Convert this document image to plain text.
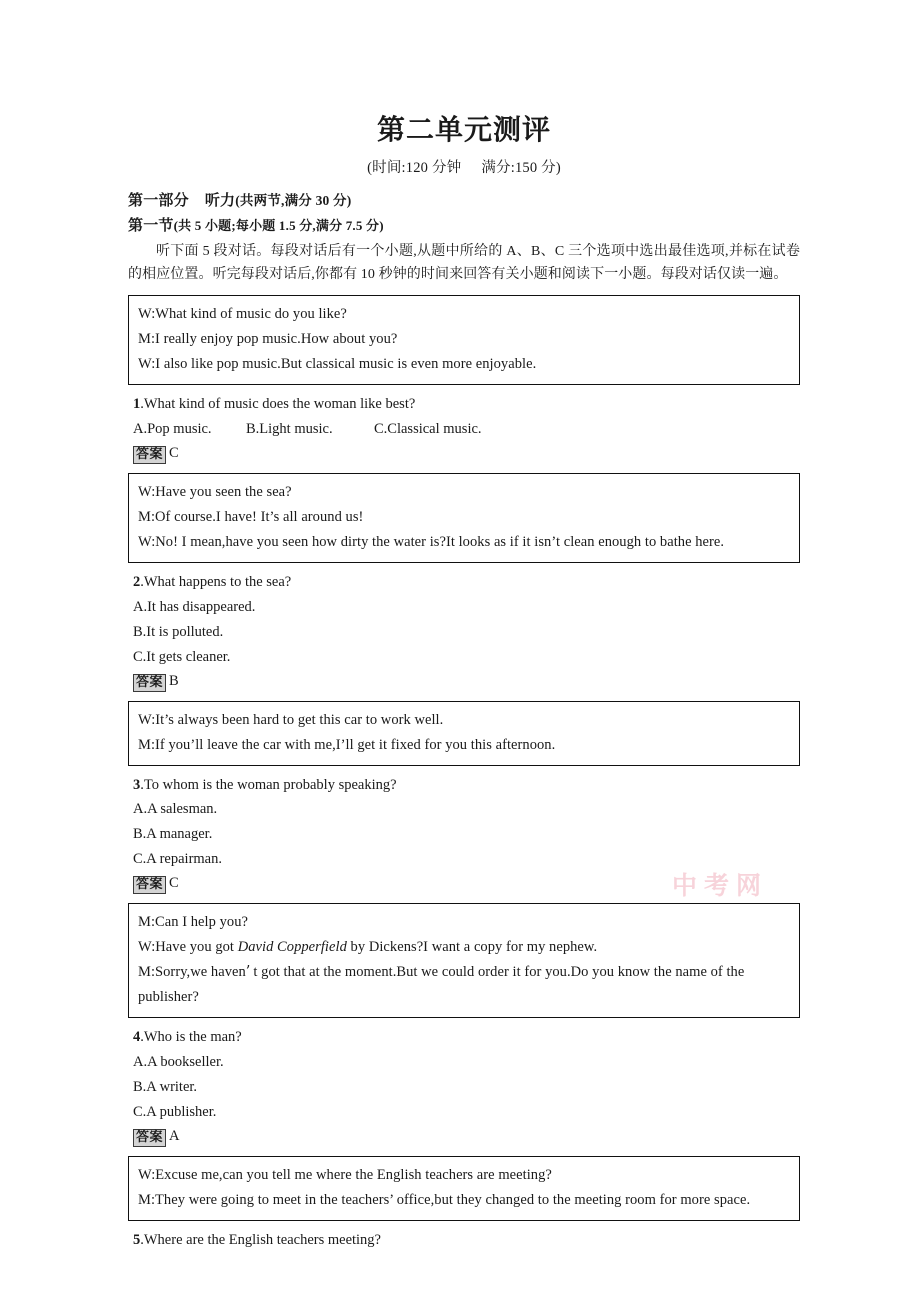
中考网
第二单元测评

(时间:120 分钟 满分:150 分)

第一部分 听力(共两节,满分 30 分)

第一节(共 5 小题;每小题 1.5 分,满分 7.5 分)

听下面 5 段对话。每段对话后有一个小题,从题中所给的 A、B、C 三个选项中选出最佳选项,并标在试卷的相应位置。听完每段对话后,你都有 10 秒钟的时间来回答有关小题和阅读下一小题。每段对话仅读一遍。

W:What kind of music do you like?

M:I really enjoy pop music.How about you?

W:I also like pop music.But classical music is even more enjoyable.

1.What kind of music does the woman like best?

A.Pop music. B.Light music.	C.Classical music.

答案 C

W:Have you seen the sea?

M:Of course.I have! It’s all around us!

W:No! I mean,have you seen how dirty the water is?It looks as if it isn’t clean enough to bathe here.

2.What happens to the sea?

A.It has disappeared.

B.It is polluted.

C.It gets cleaner.

答案 B

W:It’s always been hard to get this car to work well.

M:If you’ll leave the car with me,I’ll get it fixed for you this afternoon.

3.To whom is the woman probably speaking?

A.A salesman.

B.A manager.

C.A repairman.

答案 C

M:Can I help you?

W:Have you got David Copperfield by Dickens?I want a copy for my nephew.

M:Sorry,we haven’ t got that at the moment.But we could order it for you.Do you know the name of the publisher?

4.Who is the man?

A.A bookseller.

B.A writer.

C.A publisher.

答案 A

W:Excuse me,can you tell me where the English teachers are meeting?

M:They were going to meet in the teachers’ office,but they changed to the meeting room for more space.

5.Where are the English teachers meeting?
